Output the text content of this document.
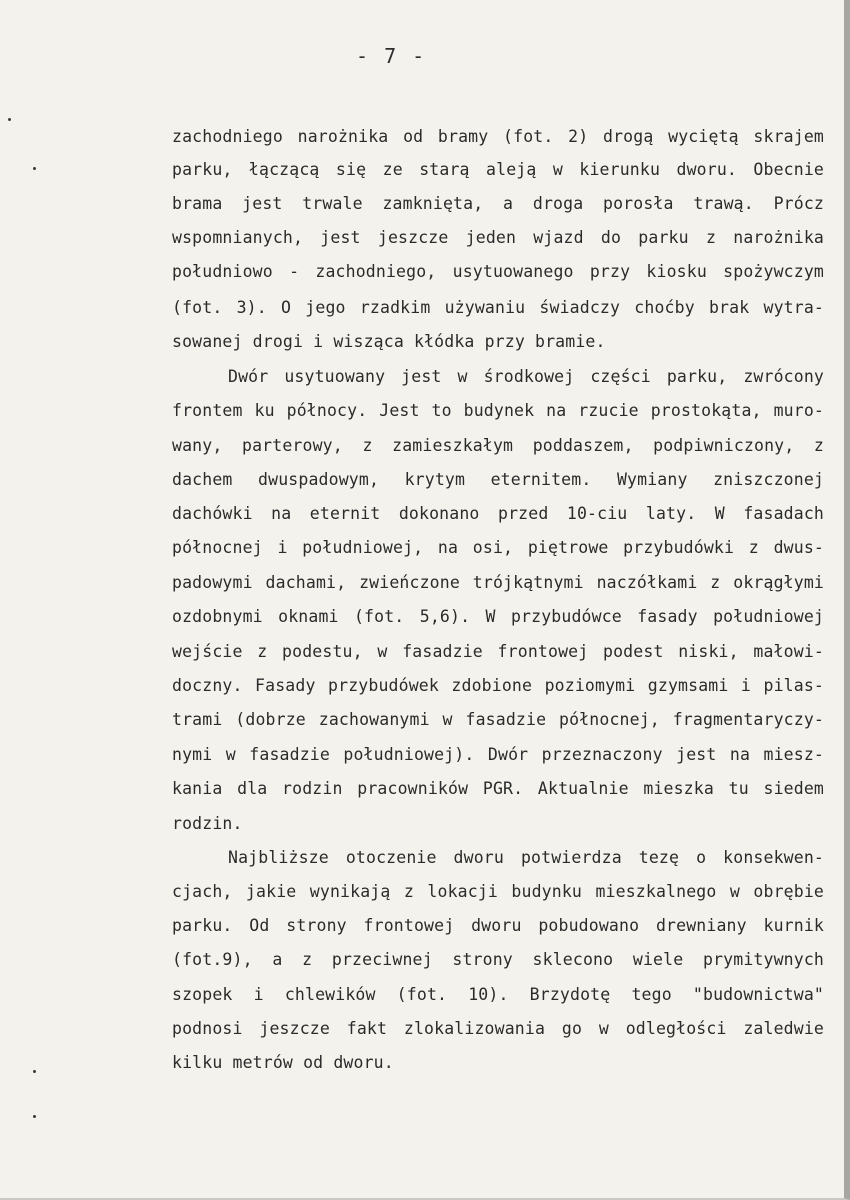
- 7 -
zachodniego narożnika od bramy (fot. 2) drogą wyciętą skrajem
parku, łączącą się ze starą aleją w kierunku dworu. Obecnie
brama jest trwale zamknięta, a droga porosła trawą. Prócz
wspomnianych, jest jeszcze jeden wjazd do parku z narożnika
południowo - zachodniego, usytuowanego przy kiosku spożywczym
(fot. 3). O jego rzadkim używaniu świadczy choćby brak wytra-
sowanej drogi i wisząca kłódka przy bramie.
Dwór usytuowany jest w środkowej części parku, zwrócony
frontem ku północy. Jest to budynek na rzucie prostokąta, muro-
wany, parterowy, z zamieszkałym poddaszem, podpiwniczony, z
dachem dwuspadowym, krytym eternitem. Wymiany zniszczonej
dachówki na eternit dokonano przed 10-ciu laty. W fasadach
północnej i południowej, na osi, piętrowe przybudówki z dwus-
padowymi dachami, zwieńczone trójkątnymi naczółkami z okrągłymi
ozdobnymi oknami (fot. 5,6). W przybudówce fasady południowej
wejście z podestu, w fasadzie frontowej podest niski, małowi-
doczny. Fasady przybudówek zdobione poziomymi gzymsami i pilas-
trami (dobrze zachowanymi w fasadzie północnej, fragmentaryczy-
nymi w fasadzie południowej). Dwór przeznaczony jest na miesz-
kania dla rodzin pracowników PGR. Aktualnie mieszka tu siedem
rodzin.
Najbliższe otoczenie dworu potwierdza tezę o konsekwen-
cjach, jakie wynikają z lokacji budynku mieszkalnego w obrębie
parku. Od strony frontowej dworu pobudowano drewniany kurnik
(fot.9), a z przeciwnej strony sklecono wiele prymitywnych
szopek i chlewików (fot. 10). Brzydotę tego "budownictwa"
podnosi jeszcze fakt zlokalizowania go w odległości zaledwie
kilku metrów od dworu.
